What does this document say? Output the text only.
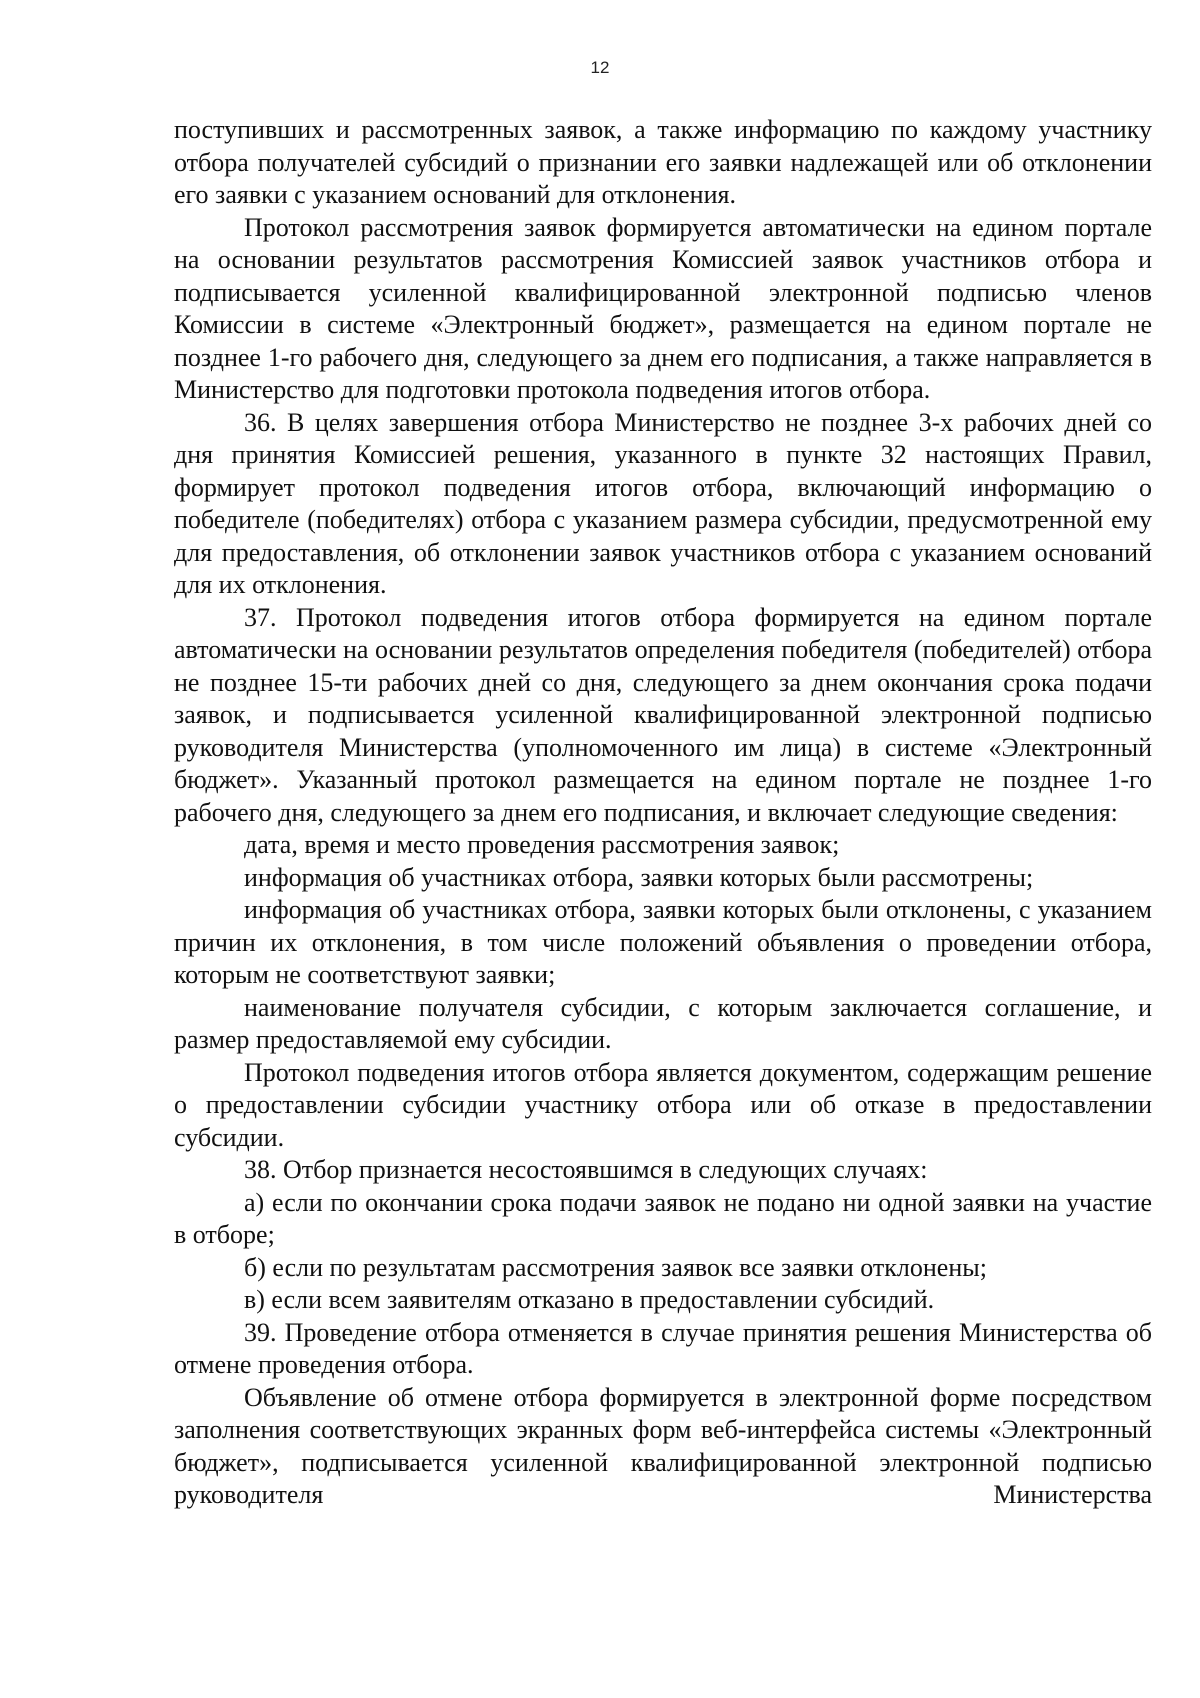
12

поступивших и рассмотренных заявок, а также информацию по каждому участнику отбора получателей субсидий о признании его заявки надлежащей или об отклонении его заявки с указанием оснований для отклонения.

Протокол рассмотрения заявок формируется автоматически на едином портале на основании результатов рассмотрения Комиссией заявок участников отбора и подписывается усиленной квалифицированной электронной подписью членов Комиссии в системе «Электронный бюджет», размещается на едином портале не позднее 1-го рабочего дня, следующего за днем его подписания, а также направляется в Министерство для подготовки протокола подведения итогов отбора.

36. В целях завершения отбора Министерство не позднее 3-х рабочих дней со дня принятия Комиссией решения, указанного в пункте 32 настоящих Правил, формирует протокол подведения итогов отбора, включающий информацию о победителе (победителях) отбора с указанием размера субсидии, предусмотренной ему для предоставления, об отклонении заявок участников отбора с указанием оснований для их отклонения.

37. Протокол подведения итогов отбора формируется на едином портале автоматически на основании результатов определения победителя (победителей) отбора не позднее 15-ти рабочих дней со дня, следующего за днем окончания срока подачи заявок, и подписывается усиленной квалифицированной электронной подписью руководителя Министерства (уполномоченного им лица) в системе «Электронный бюджет». Указанный протокол размещается на едином портале не позднее 1-го рабочего дня, следующего за днем его подписания, и включает следующие сведения:

дата, время и место проведения рассмотрения заявок;

информация об участниках отбора, заявки которых были рассмотрены;

информация об участниках отбора, заявки которых были отклонены, с указанием причин их отклонения, в том числе положений объявления о проведении отбора, которым не соответствуют заявки;

наименование получателя субсидии, с которым заключается соглашение, и размер предоставляемой ему субсидии.

Протокол подведения итогов отбора является документом, содержащим решение о предоставлении субсидии участнику отбора или об отказе в предоставлении субсидии.

38. Отбор признается несостоявшимся в следующих случаях:

а) если по окончании срока подачи заявок не подано ни одной заявки на участие в отборе;

б) если по результатам рассмотрения заявок все заявки отклонены;

в) если всем заявителям отказано в предоставлении субсидий.

39. Проведение отбора отменяется в случае принятия решения Министерства об отмене проведения отбора.

Объявление об отмене отбора формируется в электронной форме посредством заполнения соответствующих экранных форм веб-интерфейса системы «Электронный бюджет», подписывается усиленной квалифицированной электронной подписью руководителя Министерства
